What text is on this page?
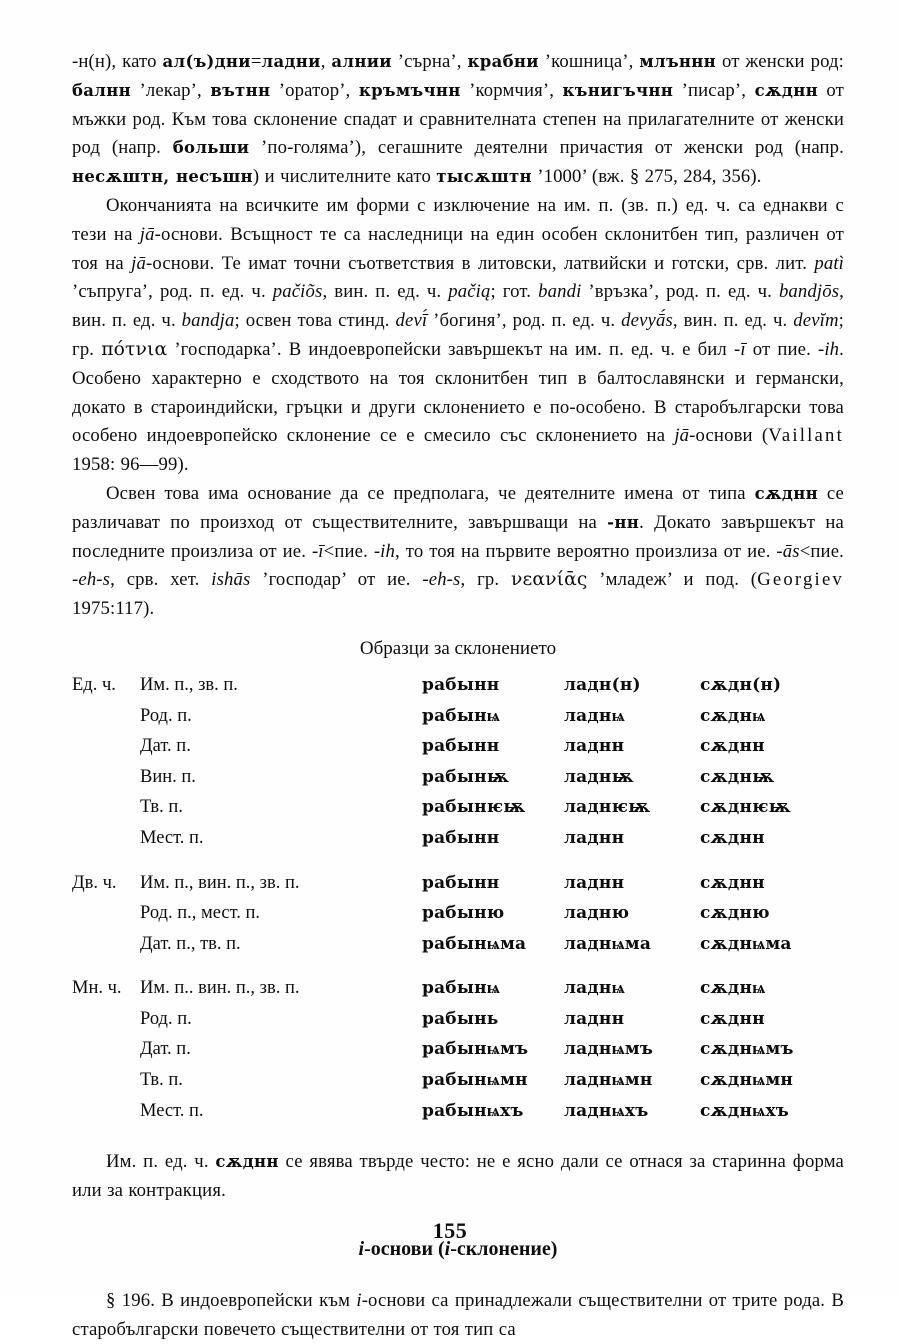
-н(н), като ал(ъ)дни=ладни, алнии ’сърна’, крабни ’кошница’, млъннн от женски род: балнн ’лекар’, вътнн ’оратор’, кръмъчнн ’кормчия’, кънигъчнн ’писар’, сѫднн от мъжки род. Към това склонение спадат и сравнителната степен на прилагателните от женски род (напр. больши ’по-голяма’), сегашните деятелни причастия от женски род (напр. несѫштн, несъшн) и числителните като тысѫштн ’1000’ (вж. § 275, 284, 356).

Окончанията на всичките им форми с изключение на им. п. (зв. п.) ед. ч. са еднакви с тези на jā-основи. Всъщност те са наследници на един особен склонитбен тип, различен от тоя на jā-основи. Те имат точни съответствия в литовски, латвийски и готски, срв. лит. patì ’съпруга’, род. п. ед. ч. pačiõs, вин. п. ед. ч. pačią; гот. bandi ’връзка’, род. п. ед. ч. bandjōs, вин. п. ед. ч. bandja; освен това стинд. devī́ ’богиня’, род. п. ед. ч. devyā́s, вин. п. ед. ч. devĭm; гр. πότνια ’господарка’. В индоевропейски завършекът на им. п. ед. ч. е бил -ī от пие. -ih. Особено характерно е сходството на тоя склонитбен тип в балтославянски и германски, докато в староиндийски, гръцки и други склонението е по-особено. В старобългарски това особено индоевропейско склонение се е смесило със склонението на jā-основи (Vaillant 1958: 96—99).

Освен това има основание да се предполага, че деятелните имена от типа сѫднн се различават по произход от съществителните, завършващи на -нн. Докато завършекът на последните произлиза от ие. -ī<пие. -ih, то тоя на първите вероятно произлиза от ие. -ās<пие. -eh-s, срв. хет. ishās ’господар’ от ие. -eh-s, гр. νεανίᾱς ’младеж’ и под. (Georgiev 1975:117).

Образци за склонението
Ед. ч.	Им. п., зв. п.	рабынн	ладн(н)	сѫдн(н)
	Род. п.	рабынѩ	ладнѩ	сѫднѩ
	Дат. п.	рабынн	ладнн	сѫднн
	Вин. п.	рабынѭ	ладнѭ	сѫднѭ
	Тв. п.	рабынѥѭ	ладнѥѭ	сѫднѥѭ
	Мест. п.	рабынн	ладнн	сѫднн

Дв. ч.	Им. п., вин. п., зв. п.	рабынн	ладнн	сѫднн
	Род. п., мест. п.	рабыню	ладню	сѫдню
	Дат. п., тв. п.	рабынѩма	ладнѩма	сѫднѩма

Мн. ч.	Им. п.. вин. п., зв. п.	рабынѩ	ладнѩ	сѫднѩ
	Род. п.	рабынь	ладнн	сѫднн
	Дат. п.	рабынѩмъ	ладнѩмъ	сѫднѩмъ
	Тв. п.	рабынѩмн	ладнѩмн	сѫднѩмн
	Мест. п.	рабынѩхъ	ладнѩхъ	сѫднѩхъ

Им. п. ед. ч. сѫднн се явява твърде често: не е ясно дали се отнася за старинна форма или за контракция.

i-основи (i-склонение)

§ 196. В индоевропейски към i-основи са принадлежали съществителни от трите рода. В старобългарски повечето съществителни от тоя тип са

155
